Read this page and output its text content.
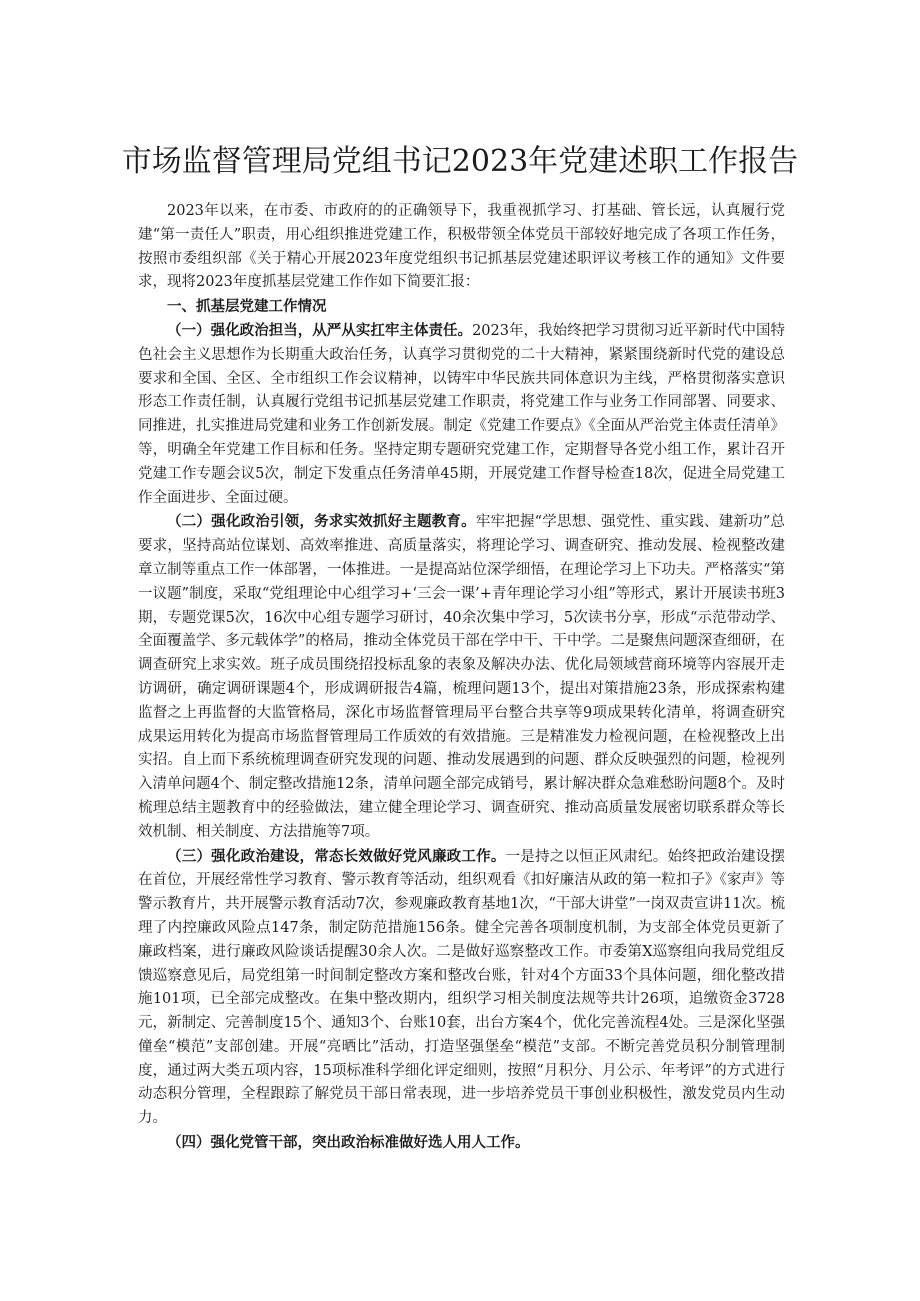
市场监督管理局党组书记2023年党建述职工作报告

2023年以来，在市委、市政府的的正确领导下，我重视抓学习、打基础、管长远，认真履行党建“第一责任人”职责，用心组织推进党建工作，积极带领全体党员干部较好地完成了各项工作任务，按照市委组织部《关于精心开展2023年度党组织书记抓基层党建述职评议考核工作的通知》文件要求，现将2023年度抓基层党建工作作如下简要汇报：

一、抓基层党建工作情况

（一）强化政治担当，从严从实扛牢主体责任。2023年，我始终把学习贯彻习近平新时代中国特色社会主义思想作为长期重大政治任务，认真学习贯彻党的二十大精神，紧紧围绕新时代党的建设总要求和全国、全区、全市组织工作会议精神，以铸牢中华民族共同体意识为主线，严格贯彻落实意识形态工作责任制，认真履行党组书记抓基层党建工作职责，将党建工作与业务工作同部署、同要求、同推进，扎实推进局党建和业务工作创新发展。制定《党建工作要点》《全面从严治党主体责任清单》等，明确全年党建工作目标和任务。坚持定期专题研究党建工作，定期督导各党小组工作，累计召开党建工作专题会议5次，制定下发重点任务清单45期，开展党建工作督导检查18次，促进全局党建工作全面进步、全面过硬。

（二）强化政治引领，务求实效抓好主题教育。牢牢把握“学思想、强党性、重实践、建新功”总要求，坚持高站位谋划、高效率推进、高质量落实，将理论学习、调查研究、推动发展、检视整改建章立制等重点工作一体部署，一体推进。一是提高站位深学细悟，在理论学习上下功夫。严格落实“第一议题”制度，采取“党组理论中心组学习+‘三会一课’+青年理论学习小组”等形式，累计开展读书班3期，专题党课5次，16次中心组专题学习研讨，40余次集中学习，5次读书分享，形成“示范带动学、全面覆盖学、多元载体学”的格局，推动全体党员干部在学中干、干中学。二是聚焦问题深查细研，在调查研究上求实效。班子成员围绕招投标乱象的表象及解决办法、优化局领域营商环境等内容展开走访调研，确定调研课题4个，形成调研报告4篇，梳理问题13个，提出对策措施23条，形成探索构建监督之上再监督的大监管格局，深化市场监督管理局平台整合共享等9项成果转化清单，将调查研究成果运用转化为提高市场监督管理局工作质效的有效措施。三是精准发力检视问题，在检视整改上出实招。自上而下系统梳理调查研究发现的问题、推动发展遇到的问题、群众反映强烈的问题，检视列入清单问题4个、制定整改措施12条，清单问题全部完成销号，累计解决群众急难愁盼问题8个。及时梳理总结主题教育中的经验做法，建立健全理论学习、调查研究、推动高质量发展密切联系群众等长效机制、相关制度、方法措施等7项。

（三）强化政治建设，常态长效做好党风廉政工作。一是持之以恒正风肃纪。始终把政治建设摆在首位，开展经常性学习教育、警示教育等活动，组织观看《扣好廉洁从政的第一粒扣子》《家声》等警示教育片，共开展警示教育活动7次，参观廉政教育基地1次，“干部大讲堂”一岗双责宣讲11次。梳理了内控廉政风险点147条，制定防范措施156条。健全完善各项制度机制，为支部全体党员更新了廉政档案，进行廉政风险谈话提醒30余人次。二是做好巡察整改工作。市委第X巡察组向我局党组反馈巡察意见后，局党组第一时间制定整改方案和整改台账，针对4个方面33个具体问题，细化整改措施101项，已全部完成整改。在集中整改期内，组织学习相关制度法规等共计26项，追缴资金3728元，新制定、完善制度15个、通知3个、台账10套，出台方案4个，优化完善流程4处。三是深化坚强僮垒“模范”支部创建。开展“亮晒比”活动，打造坚强堡垒“模范”支部。不断完善党员积分制管理制度，通过两大类五项内容，15项标准科学细化评定细则，按照“月积分、月公示、年考评”的方式进行动态积分管理，全程跟踪了解党员干部日常表现，进一步培养党员干事创业积极性，激发党员内生动力。

（四）强化党管干部，突出政治标准做好选人用人工作。
